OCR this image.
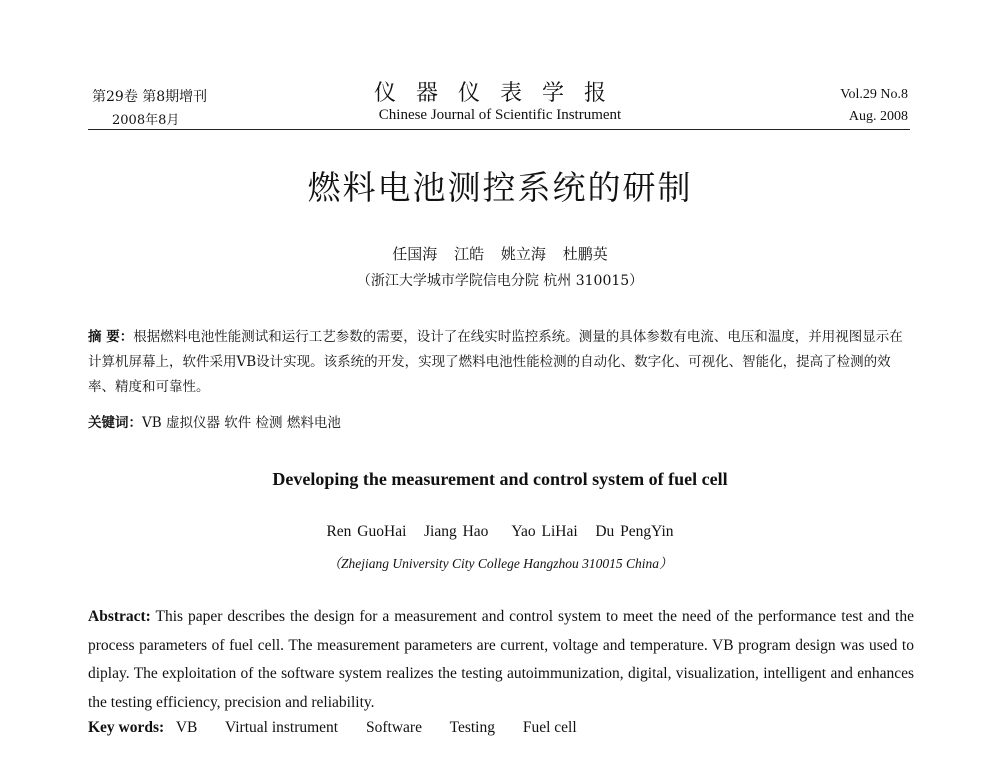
第29卷 第8期增刊
2008年8月
仪器仪表学报
Chinese Journal of Scientific Instrument
Vol.29 No.8
Aug. 2008
燃料电池测控系统的研制
任国海 江皓 姚立海 杜鹏英
（浙江大学城市学院信电分院 杭州 310015）
摘 要：根据燃料电池性能测试和运行工艺参数的需要，设计了在线实时监控系统。测量的具体参数有电流、电压和温度，并用视图显示在计算机屏幕上，软件采用VB设计实现。该系统的开发，实现了燃料电池性能检测的自动化、数字化、可视化、智能化，提高了检测的效率、精度和可靠性。
关键词：VB 虚拟仪器 软件 检测 燃料电池
Developing the measurement and control system of fuel cell
Ren GuoHai Jiang Hao Yao LiHai Du PengYin
（Zhejiang University City College Hangzhou 310015 China）
Abstract: This paper describes the design for a measurement and control system to meet the need of the performance test and the process parameters of fuel cell. The measurement parameters are current, voltage and temperature. VB program design was used to diplay. The exploitation of the software system realizes the testing autoimmunization, digital, visualization, intelligent and enhances the testing efficiency, precision and reliability.
Key words: VB Virtual instrument Software Testing Fuel cell
